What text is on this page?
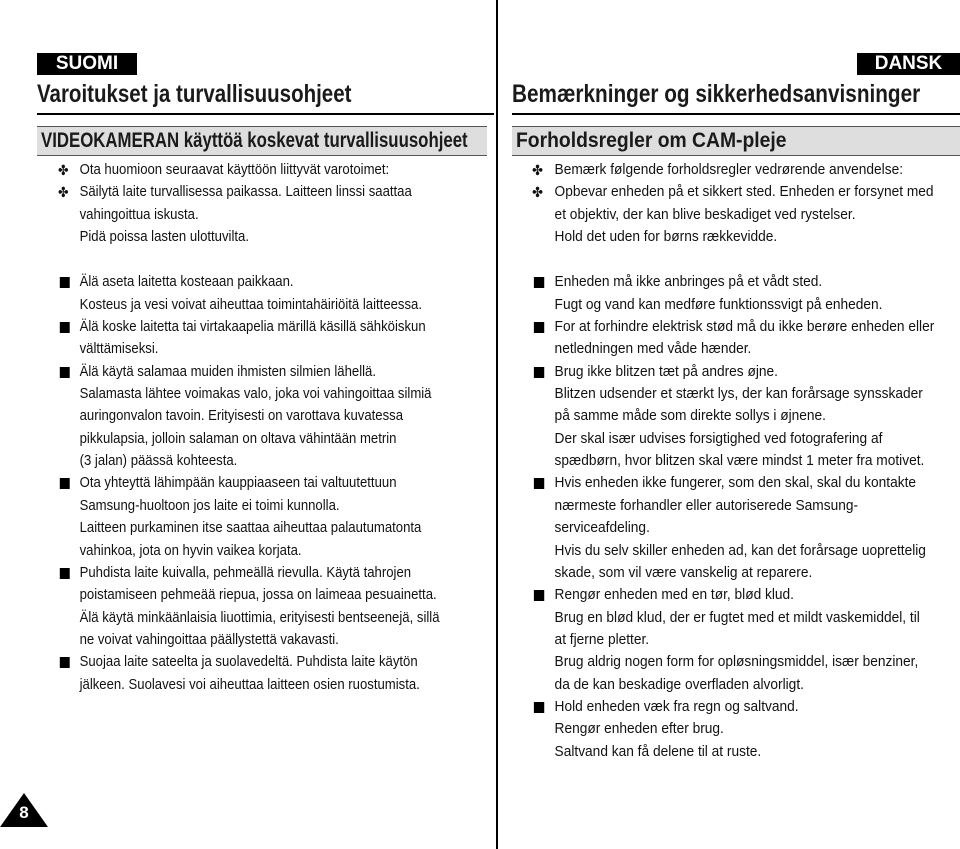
SUOMI	DANSK
Varoitukset ja turvallisuusohjeet	Bemærkninger og sikkerhedsanvisninger
VIDEOKAMERAN käyttöä koskevat turvallisuusohjeet Forholdsregler om CAM-pleje
✤ Ota huomioon seuraavat käyttöön liittyvät varotoimet:
✤ Säilytä laite turvallisessa paikassa. Laitteen linssi saattaa
vahingoittua iskusta.
Pidä poissa lasten ulottuvilta.
Älä aseta laitetta kosteaan paikkaan.
Kosteus ja vesi voivat aiheuttaa toimintahäiriöitä laitteessa.
Älä koske laitetta tai virtakaapelia märillä käsillä sähköiskun
välttämiseksi.
Älä käytä salamaa muiden ihmisten silmien lähellä.
Salamasta lähtee voimakas valo, joka voi vahingoittaa silmiä
auringonvalon tavoin. Erityisesti on varottava kuvatessa
pikkulapsia, jolloin salaman on oltava vähintään metrin
(3 jalan) päässä kohteesta.
Ota yhteyttä lähimpään kauppiaaseen tai valtuutettuun
Samsung-huoltoon jos laite ei toimi kunnolla.
Laitteen purkaminen itse saattaa aiheuttaa palautumatonta
vahinkoa, jota on hyvin vaikea korjata.
Puhdista laite kuivalla, pehmeällä rievulla. Käytä tahrojen
poistamiseen pehmeää riepua, jossa on laimeaa pesuainetta.
Älä käytä minkäänlaisia liuottimia, erityisesti bentseenejä, sillä
ne voivat vahingoittaa päällystettä vakavasti.
Suojaa laite sateelta ja suolavedeltä. Puhdista laite käytön
jälkeen. Suolavesi voi aiheuttaa laitteen osien ruostumista.
✤ Bemærk følgende forholdsregler vedrørende anvendelse:
✤ Opbevar enheden på et sikkert sted. Enheden er forsynet med
et objektiv, der kan blive beskadiget ved rystelser.
Hold det uden for børns rækkevidde.
Enheden må ikke anbringes på et vådt sted.
Fugt og vand kan medføre funktionssvigt på enheden.
For at forhindre elektrisk stød må du ikke berøre enheden eller
netledningen med våde hænder.
Brug ikke blitzen tæt på andres øjne.
Blitzen udsender et stærkt lys, der kan forårsage synsskader
på samme måde som direkte sollys i øjnene.
Der skal især udvises forsigtighed ved fotografering af
spædbørn, hvor blitzen skal være mindst 1 meter fra motivet.
Hvis enheden ikke fungerer, som den skal, skal du kontakte
nærmeste forhandler eller autoriserede Samsung-
serviceafdeling.
Hvis du selv skiller enheden ad, kan det forårsage uoprettelig
skade, som vil være vanskelig at reparere.
Rengør enheden med en tør, blød klud.
Brug en blød klud, der er fugtet med et mildt vaskemiddel, til
at fjerne pletter.
Brug aldrig nogen form for opløsningsmiddel, især benziner,
da de kan beskadige overfladen alvorligt.
Hold enheden væk fra regn og saltvand.
Rengør enheden efter brug.
Saltvand kan få delene til at ruste.
8
